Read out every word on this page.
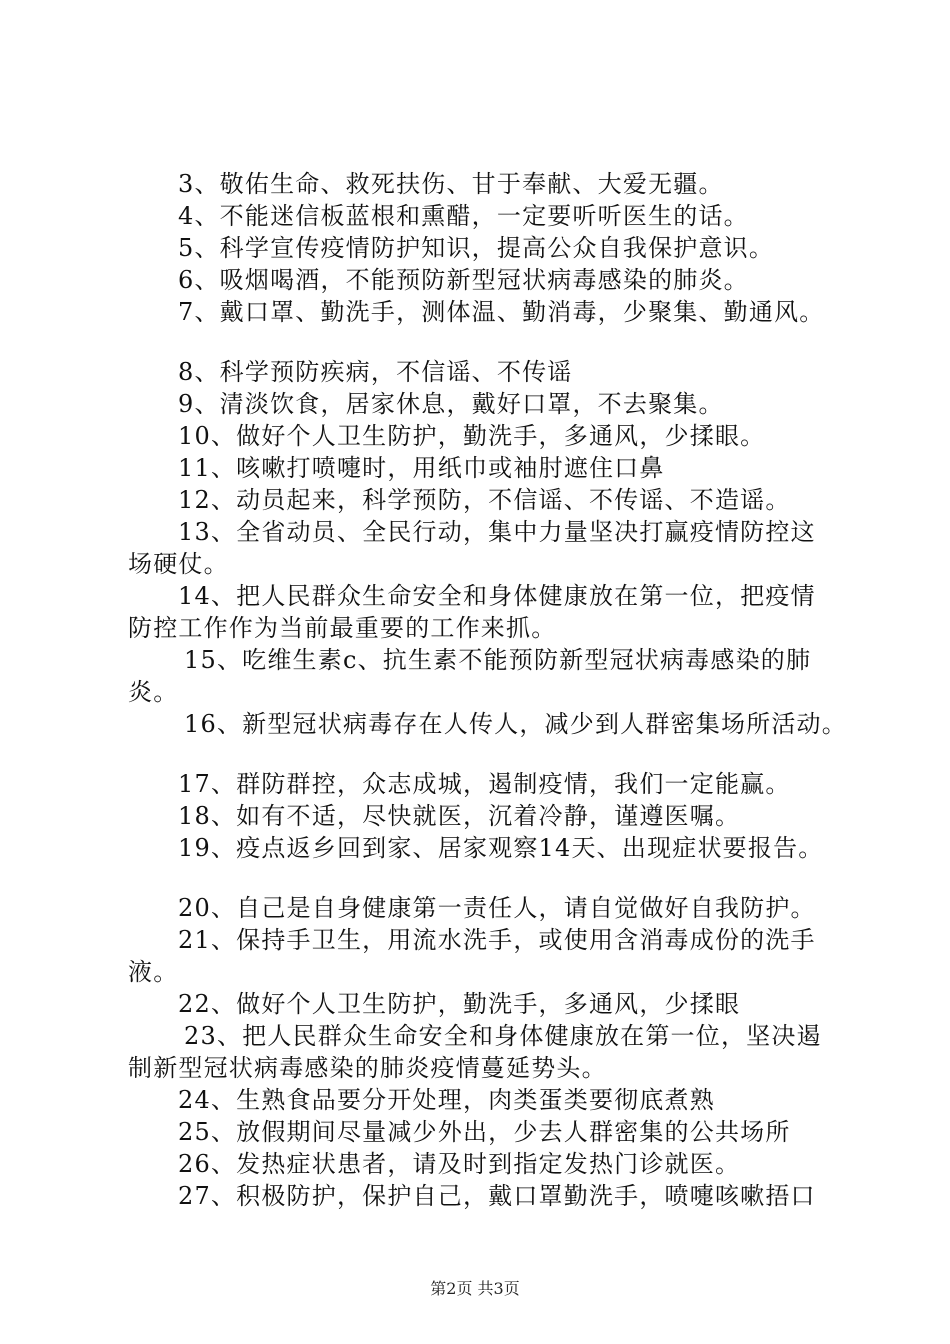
3、敬佑生命、救死扶伤、甘于奉献、大爱无疆。
4、不能迷信板蓝根和熏醋，一定要听听医生的话。
5、科学宣传疫情防护知识，提高公众自我保护意识。
6、吸烟喝酒，不能预防新型冠状病毒感染的肺炎。
7、戴口罩、勤洗手，测体温、勤消毒，少聚集、勤通风。
8、科学预防疾病，不信谣、不传谣
9、清淡饮食，居家休息，戴好口罩，不去聚集。
10、做好个人卫生防护，勤洗手，多通风，少揉眼。
11、咳嗽打喷嚏时，用纸巾或袖肘遮住口鼻
12、动员起来，科学预防，不信谣、不传谣、不造谣。
13、全省动员、全民行动，集中力量坚决打赢疫情防控这
场硬仗。
14、把人民群众生命安全和身体健康放在第一位，把疫情
防控工作作为当前最重要的工作来抓。
15、吃维生素c、抗生素不能预防新型冠状病毒感染的肺
炎。
16、新型冠状病毒存在人传人，减少到人群密集场所活动。
17、群防群控，众志成城，遏制疫情，我们一定能赢。
18、如有不适，尽快就医，沉着冷静，谨遵医嘱。
19、疫点返乡回到家、居家观察14天、出现症状要报告。
20、自己是自身健康第一责任人，请自觉做好自我防护。
21、保持手卫生，用流水洗手，或使用含消毒成份的洗手
液。
22、做好个人卫生防护，勤洗手，多通风，少揉眼
23、把人民群众生命安全和身体健康放在第一位，坚决遏
制新型冠状病毒感染的肺炎疫情蔓延势头。
24、生熟食品要分开处理，肉类蛋类要彻底煮熟
25、放假期间尽量减少外出，少去人群密集的公共场所
26、发热症状患者，请及时到指定发热门诊就医。
27、积极防护，保护自己，戴口罩勤洗手，喷嚏咳嗽捂口
第2页 共3页
